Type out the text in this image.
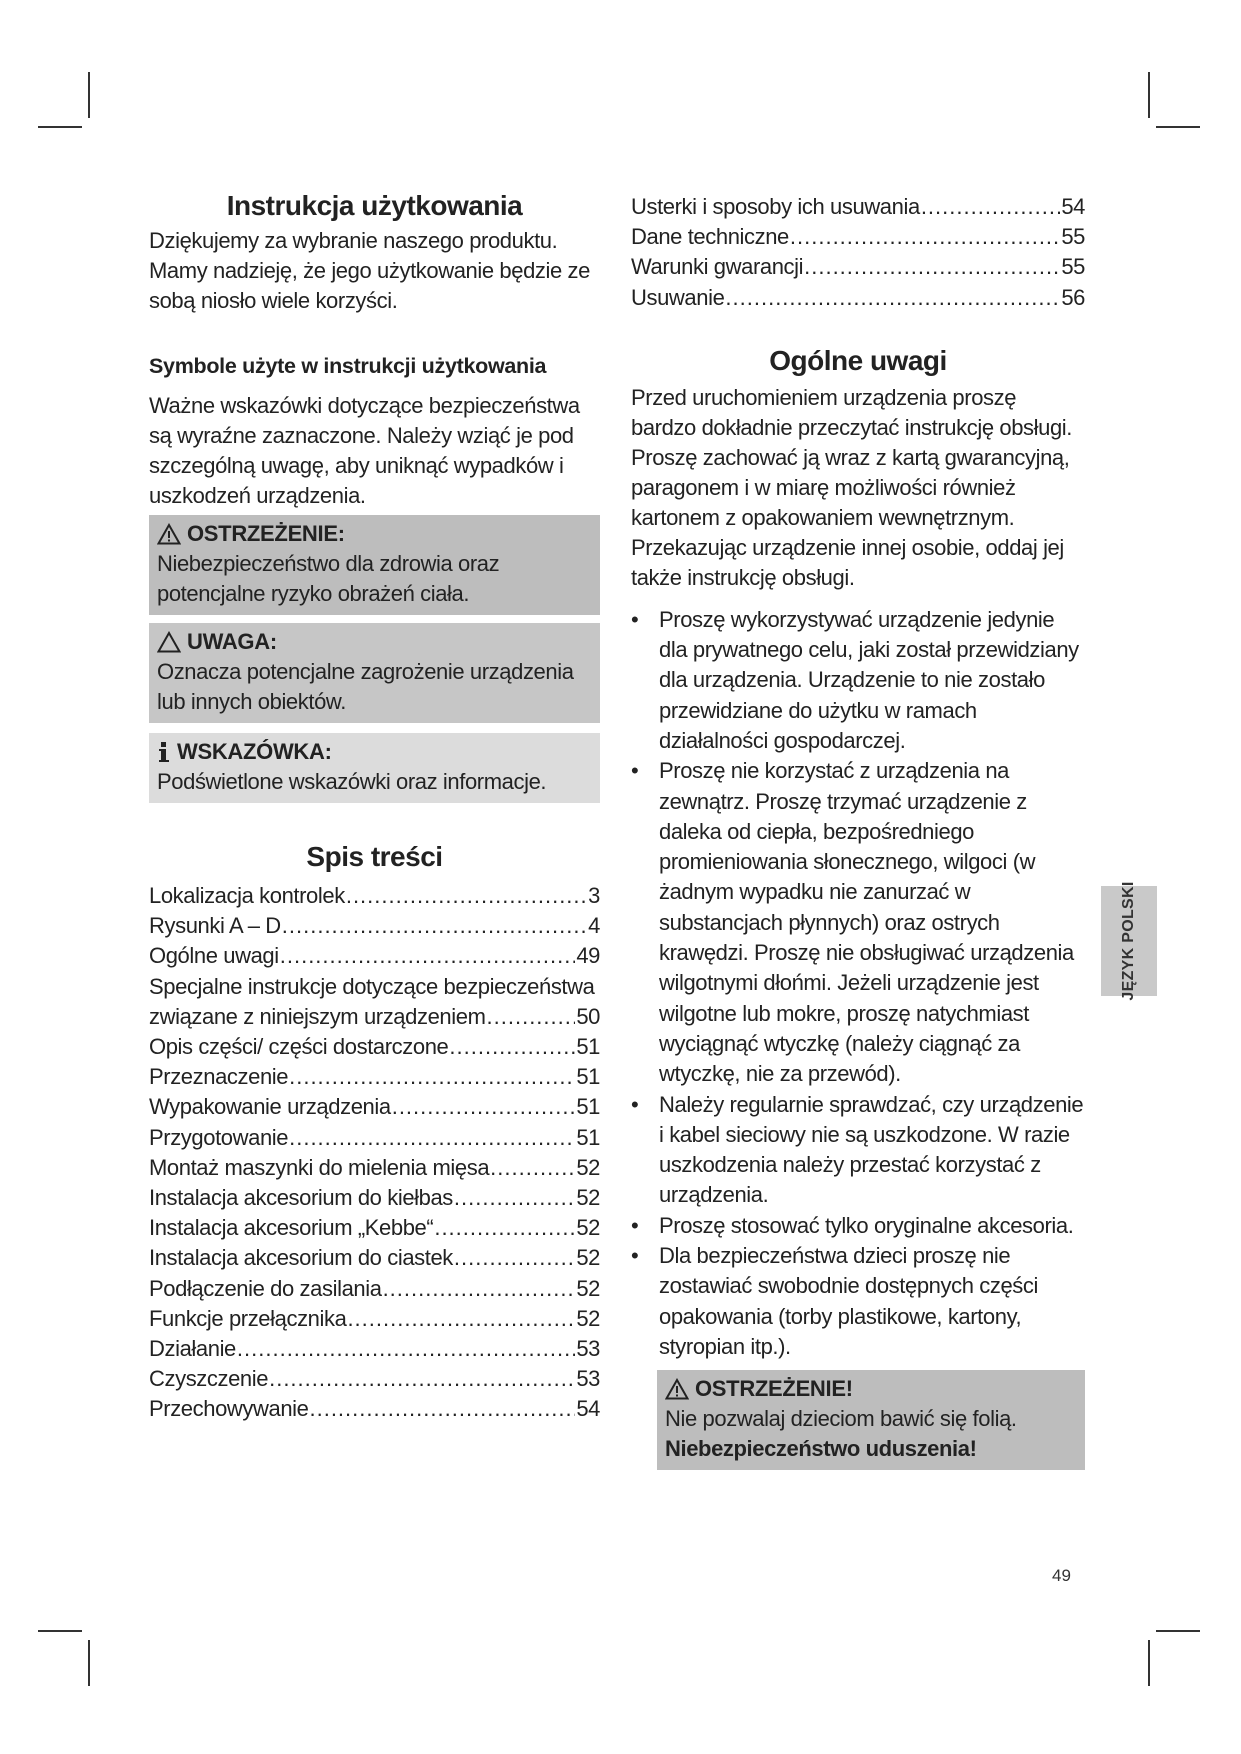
Instrukcja użytkowania

Dziękujemy za wybranie naszego produktu. Mamy nadzieję, że jego użytkowanie będzie ze sobą niosło wiele korzyści.

Symbole użyte w instrukcji użytkowania

Ważne wskazówki dotyczące bezpieczeństwa są wyraźne zaznaczone. Należy wziąć je pod szczególną uwagę, aby uniknąć wypadków i uszkodzeń urządzenia.

OSTRZEŻENIE:
Niebezpieczeństwo dla zdrowia oraz potencjalne ryzyko obrażeń ciała.
UWAGA:
Oznacza potencjalne zagrożenie urządzenia lub innych obiektów.
WSKAZÓWKA:
Podświetlone wskazówki oraz informacje.
Spis treści
Lokalizacja kontrolek .....	3
Rysunki A – D .....	4
Ogólne uwagi .....	49
Specjalne instrukcje dotyczące bezpieczeństwa
związane z niniejszym urządzeniem .....	50
Opis części/ części dostarczone .....	51
Przeznaczenie .....	51
Wypakowanie urządzenia .....	51
Przygotowanie .....	51
Montaż maszynki do mielenia mięsa .....	52
Instalacja akcesorium do kiełbas .....	52
Instalacja akcesorium „Kebbe“ .....	52
Instalacja akcesorium do ciastek .....	52
Podłączenie do zasilania .....	52
Funkcje przełącznika .....	52
Działanie .....	53
Czyszczenie .....	53
Przechowywanie .....	54
Usterki i sposoby ich usuwania .....	54
Dane techniczne .....	55
Warunki gwarancji .....	55
Usuwanie .....	56
Ogólne uwagi

Przed uruchomieniem urządzenia proszę bardzo dokładnie przeczytać instrukcję obsługi. Proszę zachować ją wraz z kartą gwarancyjną, paragonem i w miarę możliwości również kartonem z opakowaniem wewnętrznym. Przekazując urządzenie innej osobie, oddaj jej także instrukcję obsługi.

• Proszę wykorzystywać urządzenie jedynie dla prywatnego celu, jaki został przewidziany dla urządzenia. Urządzenie to nie zostało przewidziane do użytku w ramach działalności gospodarczej.
• Proszę nie korzystać z urządzenia na zewnątrz. Proszę trzymać urządzenie z daleka od ciepła, bezpośredniego promieniowania słonecznego, wilgoci (w żadnym wypadku nie zanurzać w substancjach płynnych) oraz ostrych krawędzi. Proszę nie obsługiwać urządzenia wilgotnymi dłońmi. Jeżeli urządzenie jest wilgotne lub mokre, proszę natychmiast wyciągnąć wtyczkę (należy ciągnąć za wtyczkę, nie za przewód).
• Należy regularnie sprawdzać, czy urządzenie i kabel sieciowy nie są uszkodzone. W razie uszkodzenia należy przestać korzystać z urządzenia.
• Proszę stosować tylko oryginalne akcesoria.
• Dla bezpieczeństwa dzieci proszę nie zostawiać swobodnie dostępnych części opakowania (torby plastikowe, kartony, styropian itp.).
OSTRZEŻENIE!
Nie pozwalaj dzieciom bawić się folią. Niebezpieczeństwo uduszenia!
JĘZYK POLSKI
49
